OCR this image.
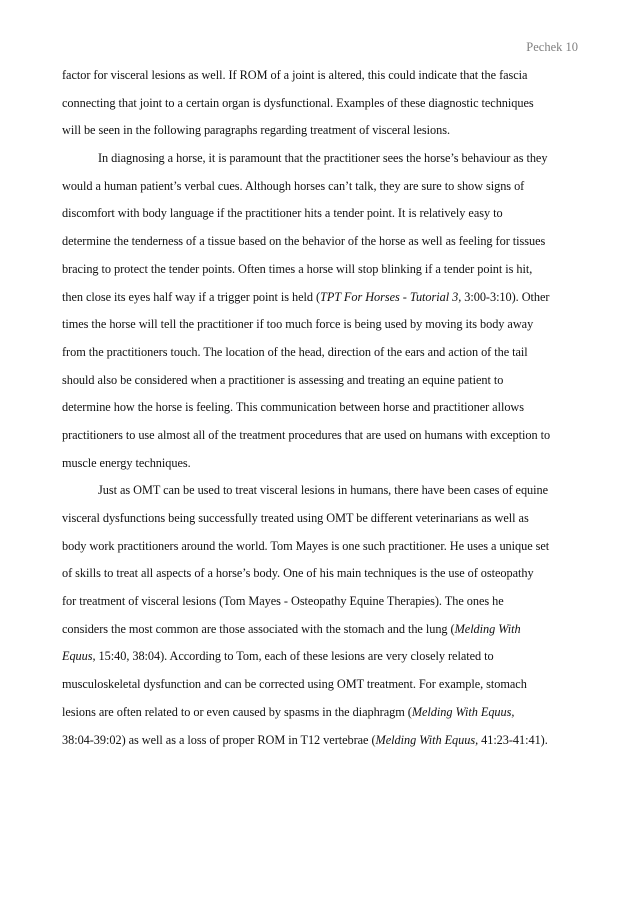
Pechek 10
factor for visceral lesions as well. If ROM of a joint is altered, this could indicate that the fascia
connecting that joint to a certain organ is dysfunctional. Examples of these diagnostic techniques
will be seen in the following paragraphs regarding treatment of visceral lesions.
In diagnosing a horse, it is paramount that the practitioner sees the horse’s behaviour as they
would a human patient’s verbal cues. Although horses can’t talk, they are sure to show signs of
discomfort with body language if the practitioner hits a tender point. It is relatively easy to
determine the tenderness of a tissue based on the behavior of the horse as well as feeling for tissues
bracing to protect the tender points. Often times a horse will stop blinking if a tender point is hit,
then close its eyes half way if a trigger point is held (TPT For Horses - Tutorial 3, 3:00-3:10). Other
times the horse will tell the practitioner if too much force is being used by moving its body away
from the practitioners touch. The location of the head, direction of the ears and action of the tail
should also be considered when a practitioner is assessing and treating an equine patient to
determine how the horse is feeling. This communication between horse and practitioner allows
practitioners to use almost all of the treatment procedures that are used on humans with exception to
muscle energy techniques.
Just as OMT can be used to treat visceral lesions in humans, there have been cases of equine
visceral dysfunctions being successfully treated using OMT be different veterinarians as well as
body work practitioners around the world. Tom Mayes is one such practitioner. He uses a unique set
of skills to treat all aspects of a horse’s body. One of his main techniques is the use of osteopathy
for treatment of visceral lesions (Tom Mayes - Osteopathy Equine Therapies). The ones he
considers the most common are those associated with the stomach and the lung (Melding With
Equus, 15:40, 38:04). According to Tom, each of these lesions are very closely related to
musculoskeletal dysfunction and can be corrected using OMT treatment. For example, stomach
lesions are often related to or even caused by spasms in the diaphragm (Melding With Equus,
38:04-39:02) as well as a loss of proper ROM in T12 vertebrae (Melding With Equus, 41:23-41:41).
